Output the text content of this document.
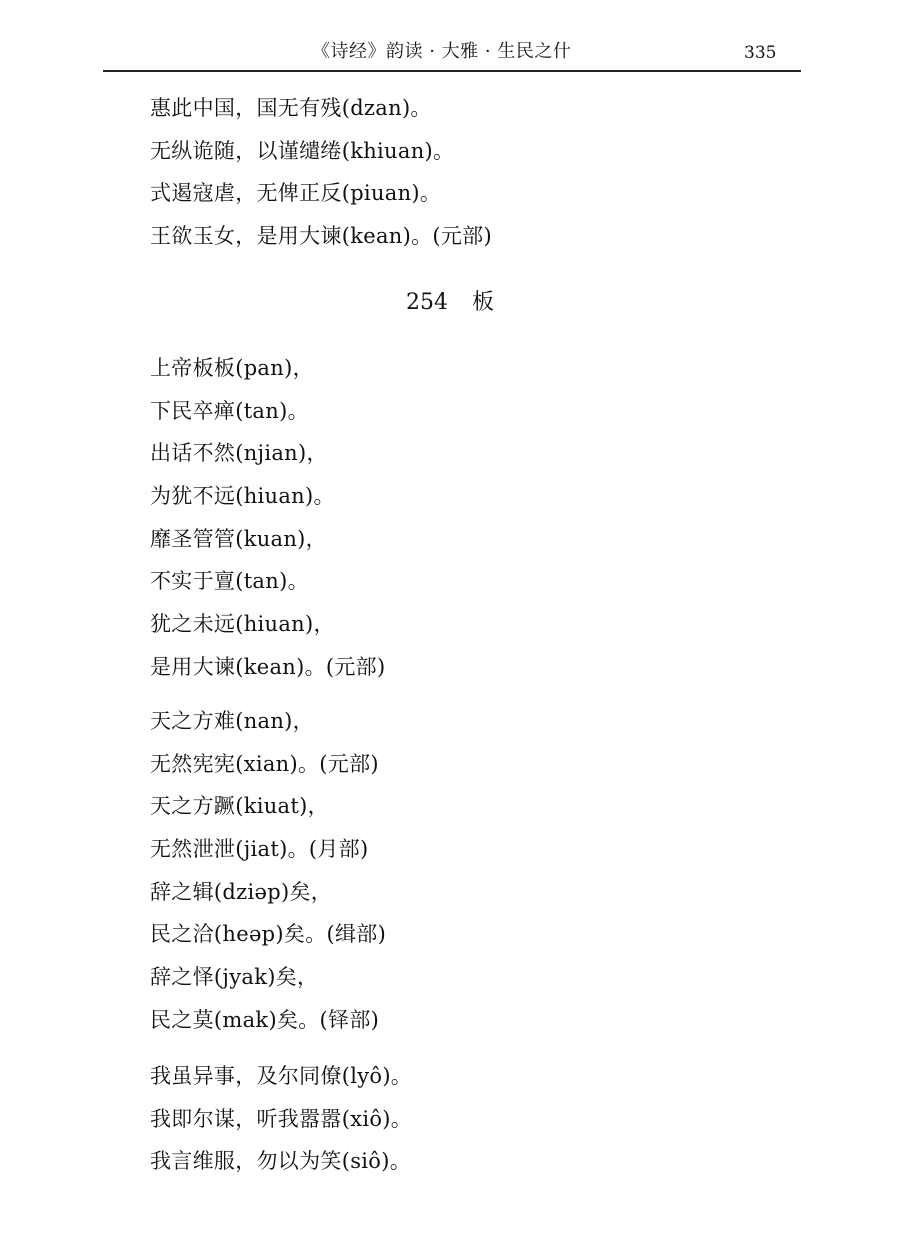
《诗经》韵读 · 大雅 · 生民之什	335
惠此中国，国无有残(dzan)。
无纵诡随，以谨缱绻(khiuan)。
式遏寇虐，无俾正反(piuan)。
王欲玉女，是用大谏(kean)。(元部)
254 板
上帝板板(pan)，
下民卒瘅(tan)。
出话不然(njian)，
为犹不远(hiuan)。
靡圣管管(kuan)，
不实于亶(tan)。
犹之未远(hiuan)，
是用大谏(kean)。(元部)
天之方难(nan)，
无然宪宪(xian)。(元部)
天之方蹶(kiuat)，
无然泄泄(jiat)。(月部)
辞之辑(dziəp)矣，
民之洽(heəp)矣。(缉部)
辞之怿(jyak)矣，
民之莫(mak)矣。(铎部)
我虽异事，及尔同僚(lyô)。
我即尔谋，听我嚣嚣(xiô)。
我言维服，勿以为笑(siô)。
